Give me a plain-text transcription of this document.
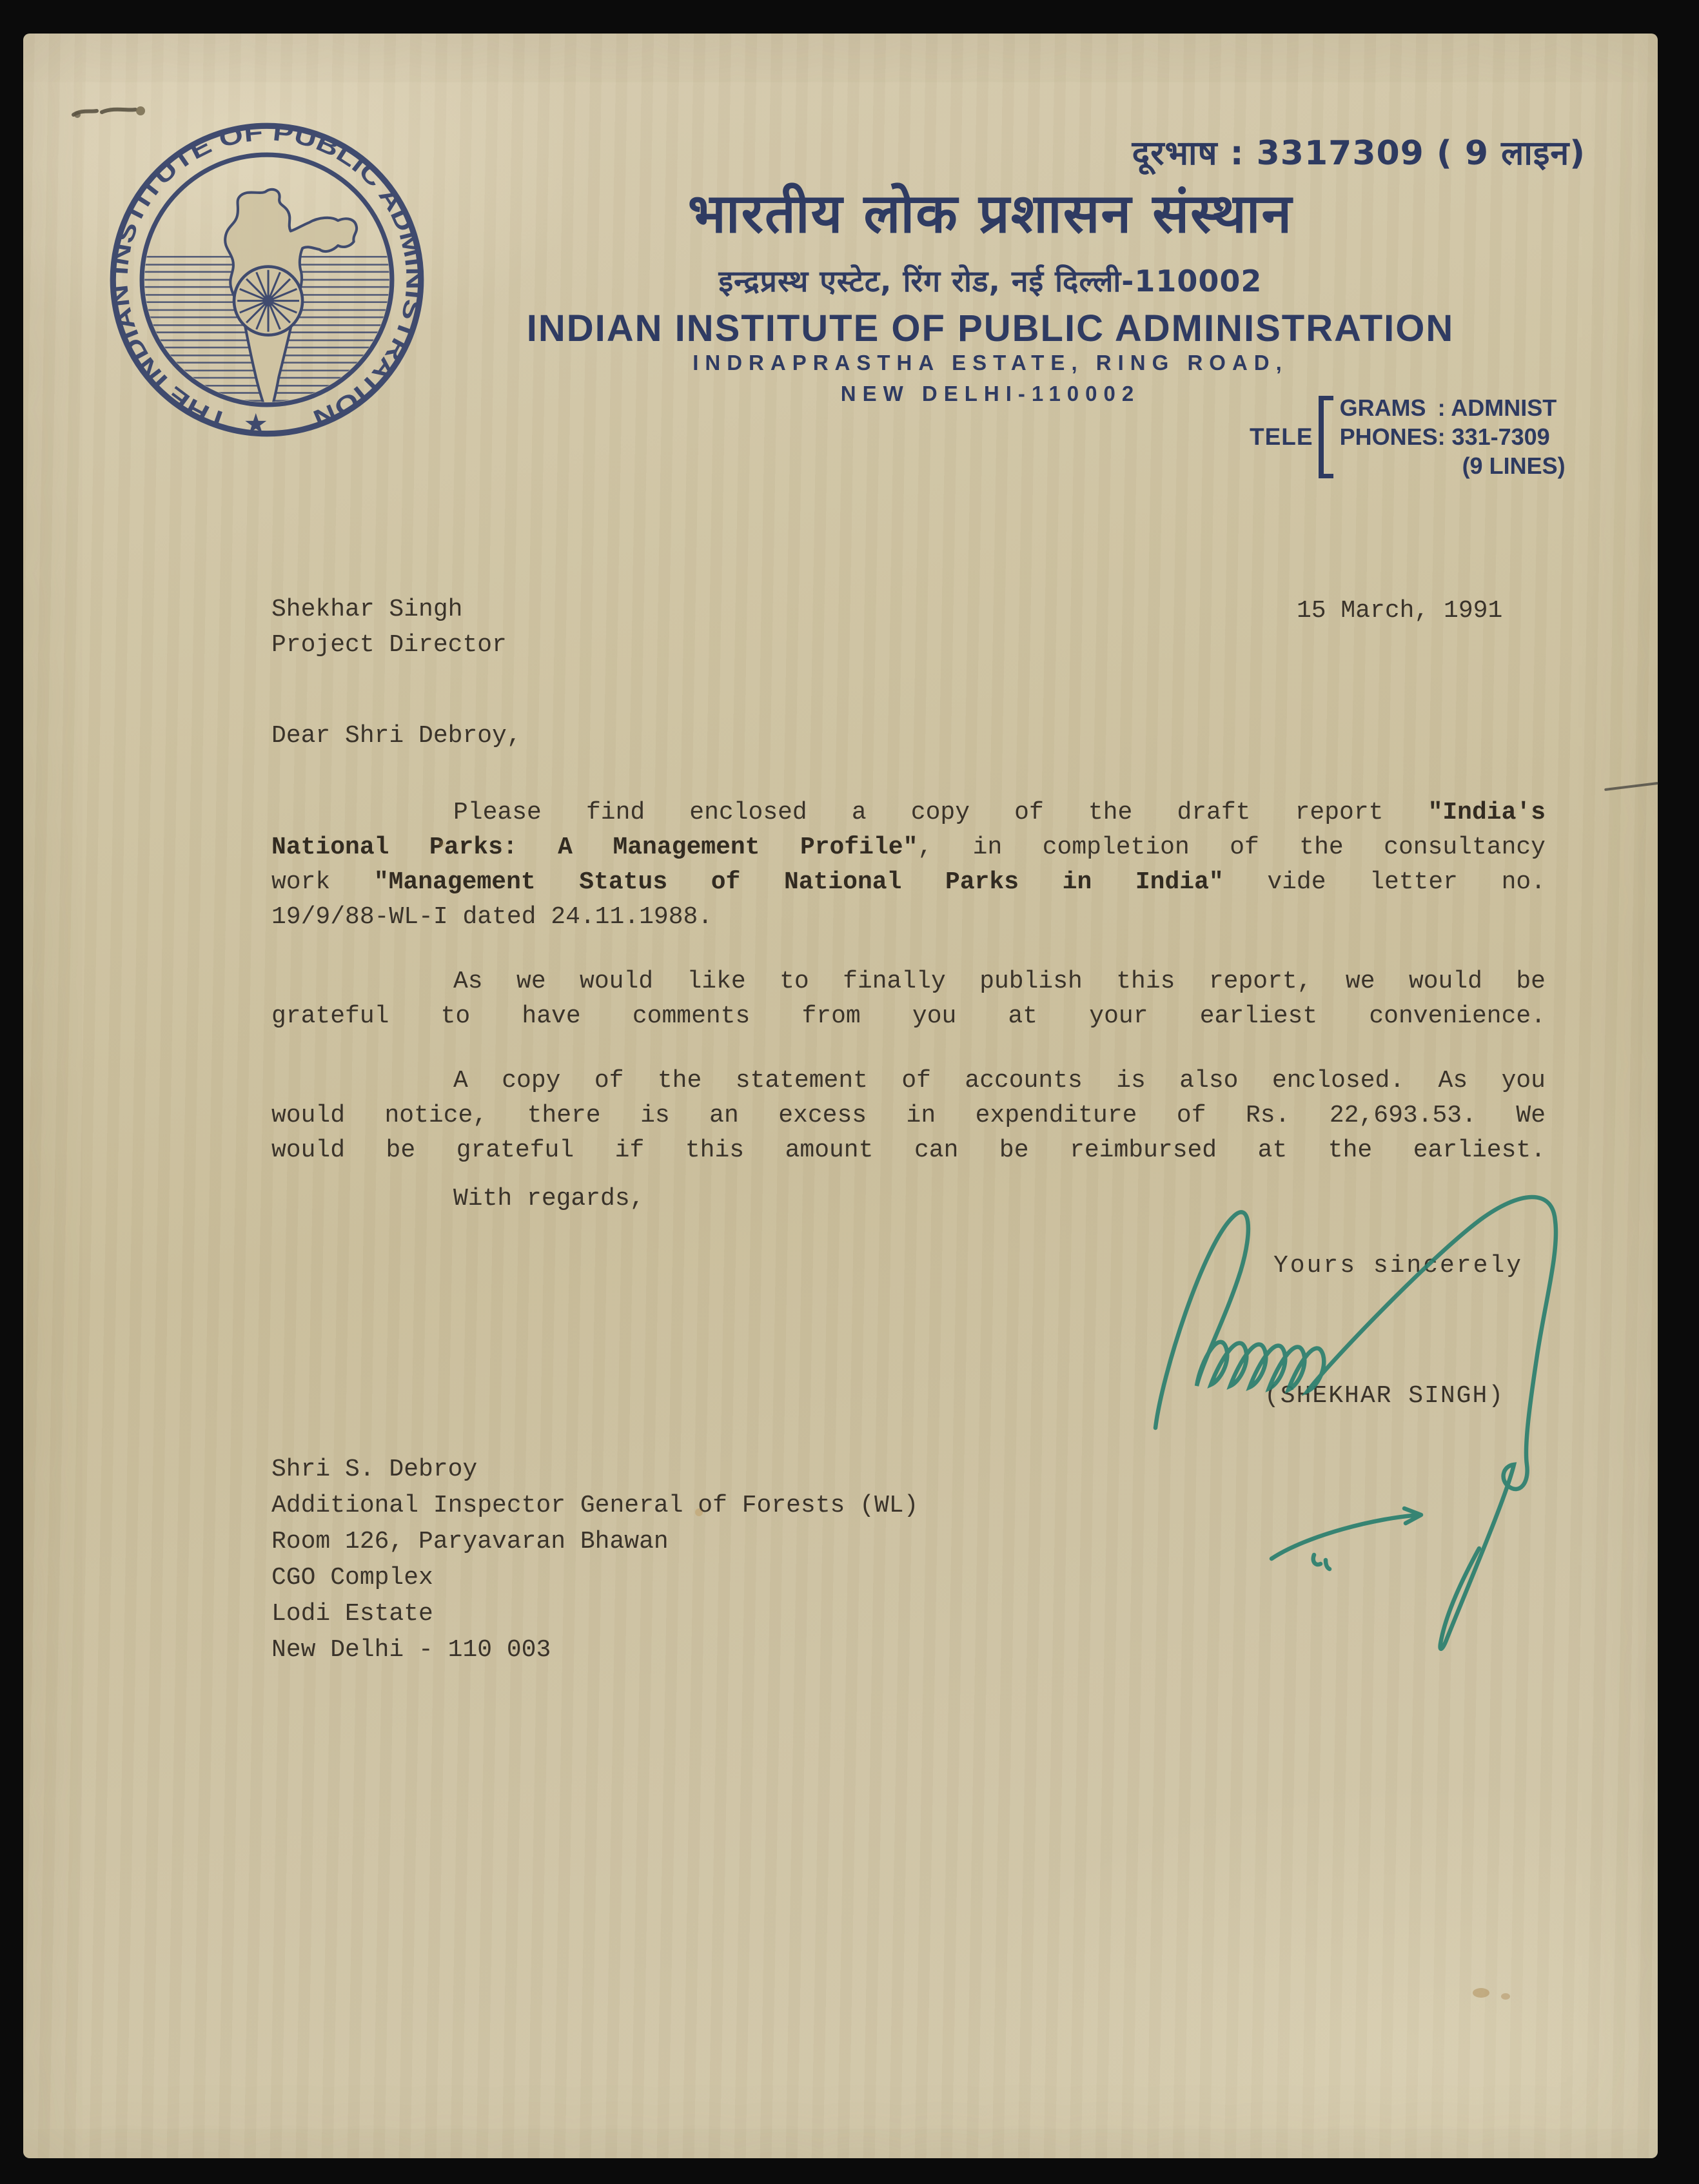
THE INDIAN INSTITUTE OF PUBLIC ADMINISTRATION
★
दूरभाष : 3317309 ( 9 लाइन)
भारतीय लोक प्रशासन संस्थान
इन्द्रप्रस्थ एस्टेट, रिंग रोड, नई दिल्ली-110002
INDIAN INSTITUTE OF PUBLIC ADMINISTRATION
INDRAPRASTHA ESTATE, RING ROAD,
NEW DELHI-110002
TELE
GRAMS : ADMNIST
PHONES : 331-7309
(9 LINES)
Shekhar Singh
Project Director
15 March, 1991
Dear Shri Debroy,
Please find enclosed a copy of the draft report "India's
National Parks: A Management Profile", in completion of the consultancy
work "Management Status of National Parks in India" vide letter no.
19/9/88-WL-I dated 24.11.1988.
As we would like to finally publish this report, we would be
grateful to have comments from you at your earliest convenience.
A copy of the statement of accounts is also enclosed. As you
would notice, there is an excess in expenditure of Rs. 22,693.53. We
would be grateful if this amount can be reimbursed at the earliest.
With regards,
Yours sincerely
(SHEKHAR SINGH)
Shri S. Debroy
Additional Inspector General of Forests (WL)
Room 126, Paryavaran Bhawan
CGO Complex
Lodi Estate
New Delhi - 110 003
